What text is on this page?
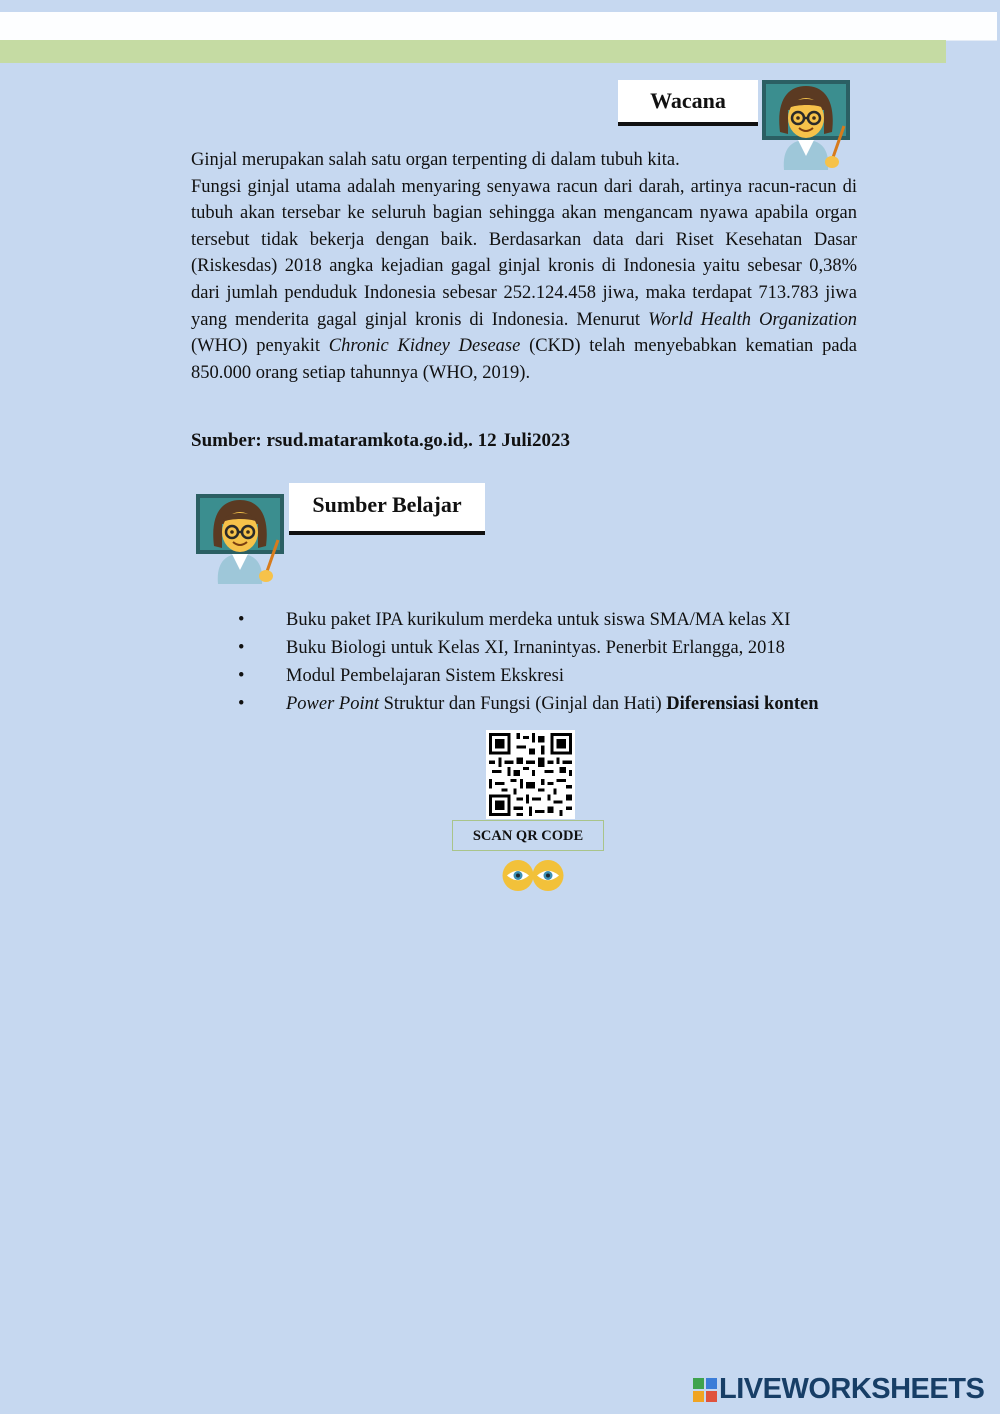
Wacana
Ginjal merupakan salah satu organ terpenting di dalam tubuh kita.
Fungsi ginjal utama adalah menyaring senyawa racun dari darah, artinya racun-racun di tubuh akan tersebar ke seluruh bagian sehingga akan mengancam nyawa apabila organ tersebut tidak bekerja dengan baik. Berdasarkan data dari Riset Kesehatan Dasar (Riskesdas) 2018 angka kejadian gagal ginjal kronis di Indonesia yaitu sebesar 0,38% dari jumlah penduduk Indonesia sebesar 252.124.458 jiwa, maka terdapat 713.783 jiwa yang menderita gagal ginjal kronis di Indonesia. Menurut World Health Organization (WHO) penyakit Chronic Kidney Desease (CKD) telah menyebabkan kematian pada 850.000 orang setiap tahunnya (WHO, 2019).
Sumber: rsud.mataramkota.go.id,. 12 Juli2023
Sumber Belajar
• Buku paket IPA kurikulum merdeka untuk siswa SMA/MA kelas XI
• Buku Biologi untuk Kelas XI, Irnanintyas. Penerbit Erlangga, 2018
• Modul Pembelajaran Sistem Ekskresi
• Power Point Struktur dan Fungsi (Ginjal dan Hati) Diferensiasi konten
SCAN QR CODE
LIVEWORKSHEETS
